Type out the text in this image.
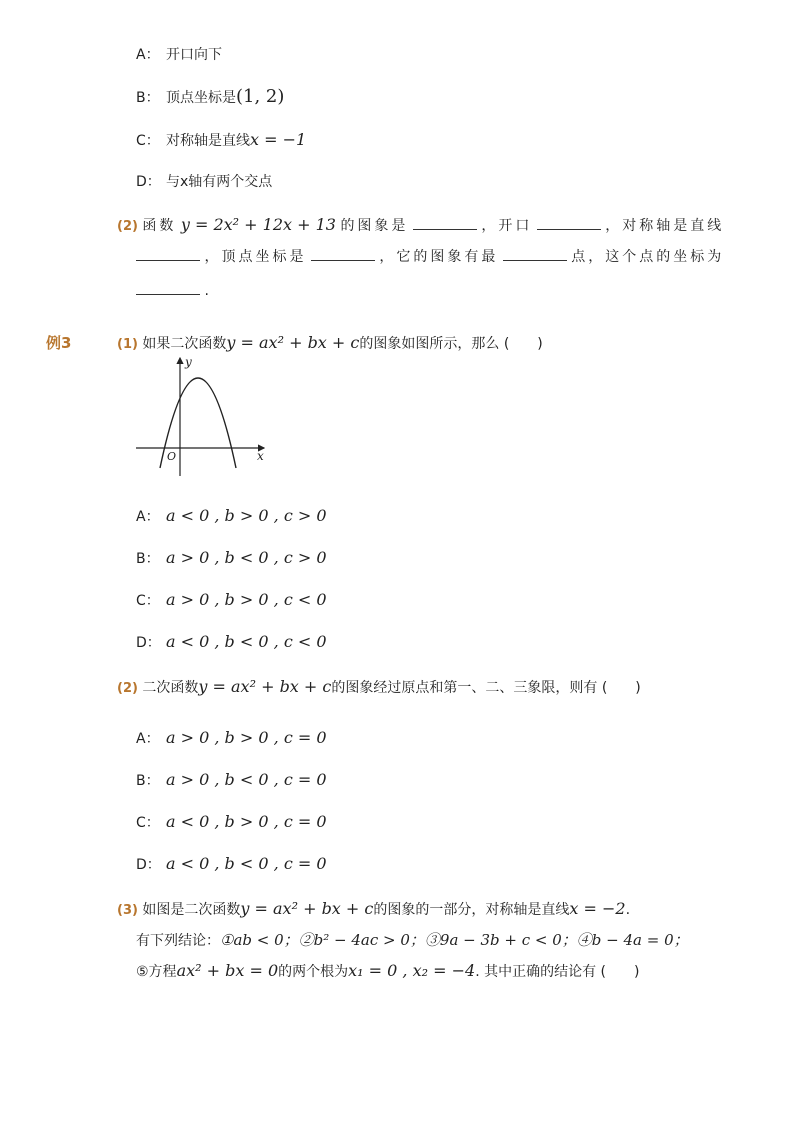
A： 开口向下
B： 顶点坐标是(1, 2)
C： 对称轴是直线x = −1
D： 与x轴有两个交点
(2) 函数 y = 2x² + 12x + 13 的图象是	，开口	，对称轴是直线
，顶点坐标是	，它的图象有最	点，这个点的坐标为
.
例3	(1) 如果二次函数y = ax² + bx + c的图象如图所示，那么 (　　)
y
x
O
A： a < 0 , b > 0 , c > 0
B： a > 0 , b < 0 , c > 0
C： a > 0 , b > 0 , c < 0
D： a < 0 , b < 0 , c < 0
(2) 二次函数y = ax² + bx + c的图象经过原点和第一、二、三象限，则有 (　　)
A： a > 0 , b > 0 , c = 0
B： a > 0 , b < 0 , c = 0
C： a < 0 , b > 0 , c = 0
D： a < 0 , b < 0 , c = 0
(3) 如图是二次函数y = ax² + bx + c的图象的一部分，对称轴是直线x = −2.
有下列结论：①ab < 0；②b² − 4ac > 0；③9a − 3b + c < 0；④b − 4a = 0；
⑤方程ax² + bx = 0的两个根为x₁ = 0 , x₂ = −4. 其中正确的结论有 (　　)
